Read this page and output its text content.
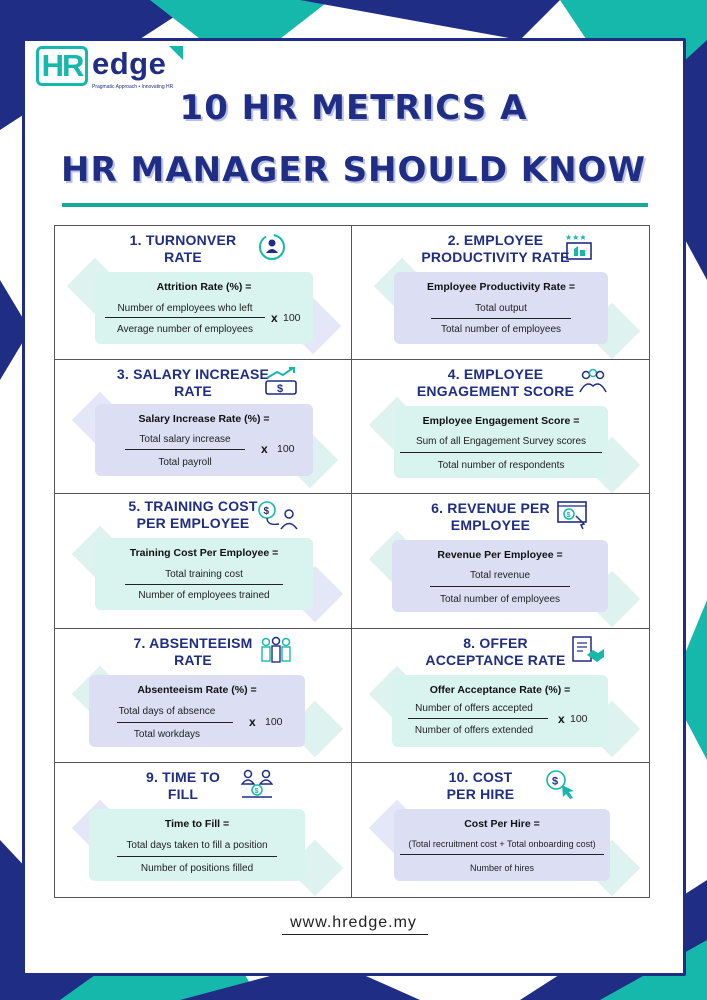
HR edge
Pragmatic Approach • Innovating HR
10 HR METRICS A
HR MANAGER SHOULD KNOW
1. TURNONVER
RATE
Attrition Rate (%) =
Number of employees who left
Average number of employees
x 100
2. EMPLOYEE
PRODUCTIVITY RATE
★★★
Employee Productivity Rate =
Total output
Total number of employees
3. SALARY INCREASE
RATE	$
Salary Increase Rate (%) =
Total salary increase
Total payroll
x 100
4. EMPLOYEE
ENGAGEMENT SCORE
Employee Engagement Score =
Sum of all Engagement Survey scores
Total number of respondents
5. TRAINING COST
PER EMPLOYEE
$
Training Cost Per Employee =
Total training cost
Number of employees trained
6. REVENUE PER
EMPLOYEE
$
Revenue Per Employee =
Total revenue
Total number of employees
7. ABSENTEEISM
RATE
Absenteeism Rate (%) =
Total days of absence
Total workdays
x 100
8. OFFER
ACCEPTANCE RATE
Offer Acceptance Rate (%) =
Number of offers accepted
Number of offers extended
x 100
9. TIME TO
FILL	$
Time to Fill =
Total days taken to fill a position
Number of positions filled
10. COST
PER HIRE
$
Cost Per Hire =
(Total recruitment cost + Total onboarding cost)
Number of hires
www.hredge.my
